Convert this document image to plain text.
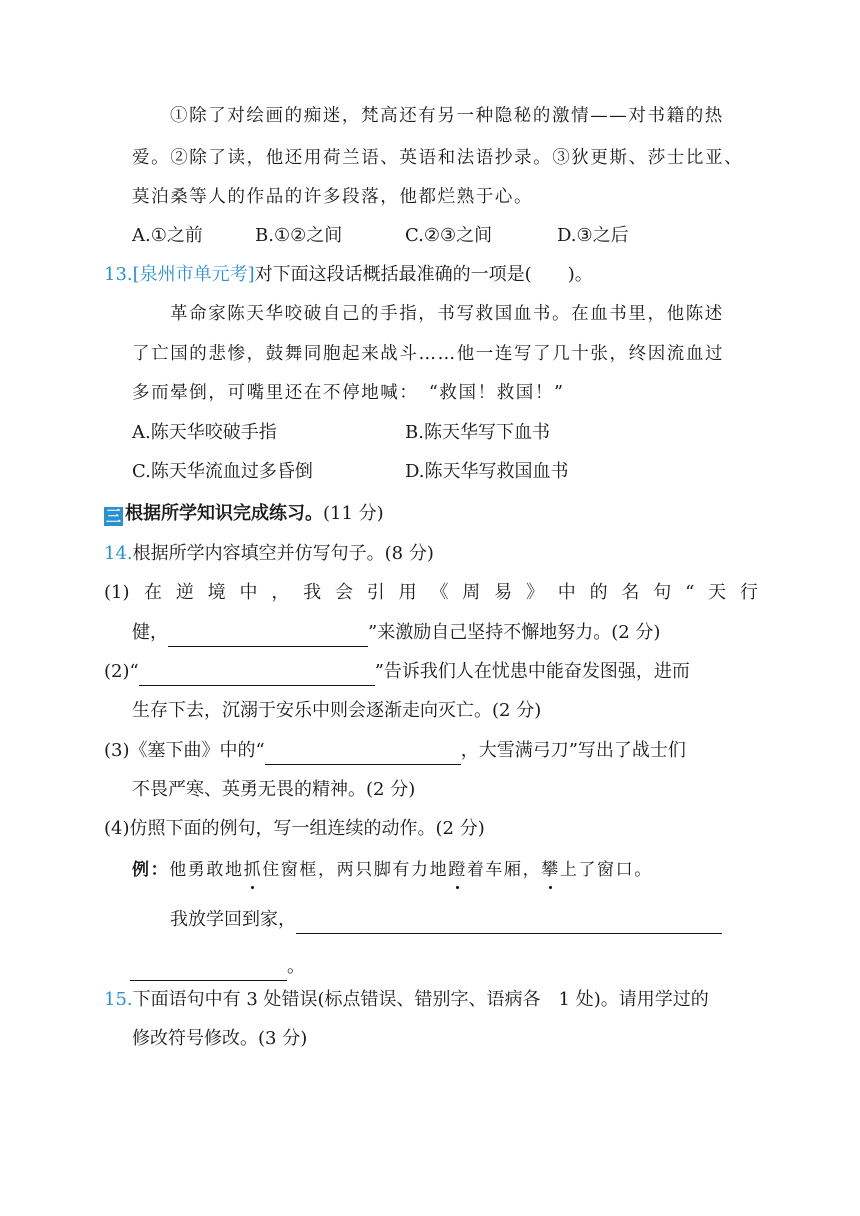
①除了对绘画的痴迷，梵高还有另一种隐秘的激情——对书籍的热
爱。②除了读，他还用荷兰语、英语和法语抄录。③狄更斯、莎士比亚、
莫泊桑等人的作品的许多段落，他都烂熟于心。
A.①之前	B.①②之间	C.②③之间	D.③之后
13.[泉州市单元考]对下面这段话概括最准确的一项是(　　)。
革命家陈天华咬破自己的手指，书写救国血书。在血书里，他陈述
了亡国的悲惨，鼓舞同胞起来战斗……他一连写了几十张，终因流血过
多而晕倒，可嘴里还在不停地喊：　“救国！救国！”
A.陈天华咬破手指	B.陈天华写下血书
C.陈天华流血过多昏倒	D.陈天华写救国血书
三 根据所学知识完成练习。(11 分)
14.根据所学内容填空并仿写句子。(8 分)
(1) 在 逆 境 中 ， 我 会 引 用 《 周 易 》 中 的 名 句 “ 天 行
健，	”来激励自己坚持不懈地努力。(2 分)
(2)“	”告诉我们人在忧患中能奋发图强，进而
生存下去，沉溺于安乐中则会逐渐走向灭亡。(2 分)
(3)《塞下曲》中的“	，大雪满弓刀”写出了战士们
不畏严寒、英勇无畏的精神。(2 分)
(4)仿照下面的例句，写一组连续的动作。(2 分)
例：他勇敢地抓住窗框，两只脚有力地蹬着车厢，攀上了窗口。
我放学回到家，
。
15.下面语句中有 3 处错误(标点错误、错别字、语病各　1 处)。请用学过的
修改符号修改。(3 分)
